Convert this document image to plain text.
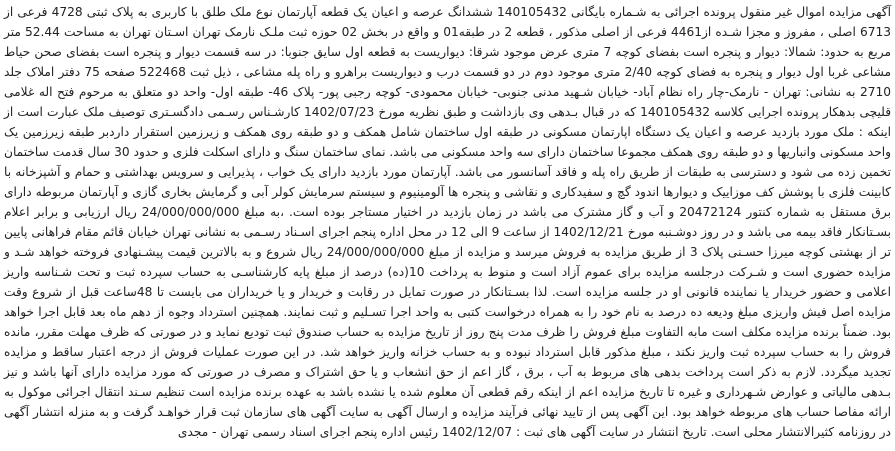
آگهی مزایده اموال غیر منقول پرونده اجرائی به شـماره بایگانی 140105432 ششدانگ عرصه و اعیان یک قطعه آپارتمان نوع ملک طلق با کاربری به پلاک ثبتی 4728 فرعی از 6713 اصلی ، مفروز و مجزا شـده از4461 فرعی از اصلی مذکور ، قطعه 2 در طبقه01 و واقع در بخش 02 حوزه ثبت ملـک نارمک تهران اسـتان تهران به مساحت 52.44 متر مربع به حدود: شمالا: دیوار و پنجره است بفضای کوچه 7 متری عرض موجود شرقا: دیواریست به قطعه اول سایق جنوبا: در سه قسمت دیوار و پنجره است بفضای صحن حیاط مشاعی غربا اول دیوار و پنجره به فضای کوچه 2/40 متری موجود دوم در دو قسمت درب و دیواریست براهرو و راه پله مشاعی ، ذیل ثبت 522468 صفحه 75 دفتر املاک جلد 2710 به نشانی: تهران - نارمک-چار راه نظام آباد- خیابان شـهید مدنی جنوبی- خیابان محمودی- کوچه رجبی پور- پلاک 46- طبقه اول- واحد دو متعلق به مرحوم فتح اله غلامی قلیچی بدهکار پرونده اجرایی کلاسه 140105432 که در قبال بـدهی وی بازداشت و طبق نظریه مورخ 1402/07/23 کارشـناس رسـمی دادگسـتری توصیف ملک عبارت است از اینکه : ملک مورد بازدید عرصه و اعیان یک دستگاه اپارتمان مسکونی در طبقه اول ساختمان شامل همکف و دو طبقه روی همکف و زیرزمین استقرار داردبر طبقه زیرزمین یک واحد مسکونی وانباریها و دو طبقه روی همکف مجموعا ساختمان دارای سه واحد مسکونی می باشد. نمای ساختمان سنگ و دارای اسکلت فلزی و حدود 30 سال قدمت ساختمان تخمین زده می شود و دسترسی به طبقات از طریق راه پله و فاقد آسانسور می باشد. آپارتمان مورد بازدید دارای یک خواب ، پذیرایی و سرویس بهداشتی و حمام و آشپزخانه با کابینت فلزی با پوشش کف موزاییک و دیوارها اندود گچ و سفیدکاری و نقاشی و پنجره ها آلومینیوم و سیستم سرمایش کولر آبی و گرمایش بخاری گازی و آپارتمان مربوطه دارای برق مستقل به شماره کنتور 20472124 و آب و گاز مشترک می باشد در زمان بازدید در اختیار مستاجر بوده است. ،به مبلغ 24/000/000/000 ریال ارزیابی و برابر اعلام بسـتانکار فاقد بیمه می باشد و در روز دوشـنبه مورخ 1402/12/21 از ساعت 9 الی 12 در محل اداره پنجم اجرای اسـناد رسـمی به نشانی تهران خیابان قائم مقام فراهانی پایین تر از بهشتی کوچه میرزا حسـنی پلاک 3 از طریق مزایده به فروش میرسد و مزایده از مبلغ 24/000/000/000 ریال شروع و به بالاترین قیمت پیشـنهادی فروخته خواهد شـد و مزایده حضوری است و شـرکت درجلسه مزایده برای عموم آزاد است و منوط به پرداخت 10(ده) درصد از مبلغ پایه کارشناسـی به حساب سپرده ثبت و تحت شـناسه واریز اعلامی و حضور خریدار یا نماینده قانونی او در جلسه مزایده است. لذا بسـتانکار در صورت تمایل در رقابت و خریدار و یا خریداران می بایست تا 48ساعت قبل از شروع وقت مزایده اصل فیش واریزی مبلغ ودیعه ده درصد به نام خود را به همراه درخواست کتبی به واحد اجرا تسـلیم و ثبت نمایند. همچنین استرداد وجوه از دهم ماه بعد قابل اجرا خواهد بود. ضمناً برنده مزایده مکلف است مابه التفاوت مبلغ فروش را ظرف مدت پنج روز از تاریخ مزایده به حساب صندوق ثبت تودیع نماید و در صورتی که ظرف مهلت مقرر، مانده فروش را به حساب سپرده ثبت واریز نکند ، مبلغ مذکور قابل استرداد نبوده و به حساب خزانه واریز خواهد شد. در این صورت عملیات فروش از درجه اعتبار ساقط و مزایده تجدید میگردد. لازم به ذکر است پرداخت بدهی های مربوط به آب ، برق ، گاز اعم از حق انشعاب و یا حق اشتراک و مصرف در صورتی که مورد مزایده دارای آنها باشد و نیز بـدهی مالیاتی و عوارض شـهرداری و غیره تا تاریخ مزایده اعم از اینکه رقم قطعی آن معلوم شده یا نشده باشد به عهده برنده مزایده است تنظیم سـند انتقال اجرائی موکول به ارائه مفاصا حساب های مربوطه خواهد بود. این آگهی پس از تایید نهائی فرآیند مزایده و ارسال آگهی به سایت آگهی های سازمان ثبت قرار خواهـد گرفت و به منزله انتشار آگهی در روزنامه کثیرالانتشار محلی است. تاریخ انتشار در سایت آگهی های ثبت : 1402/12/07 رئیس اداره پنجم اجرای اسناد رسمی تهران - مجدی
